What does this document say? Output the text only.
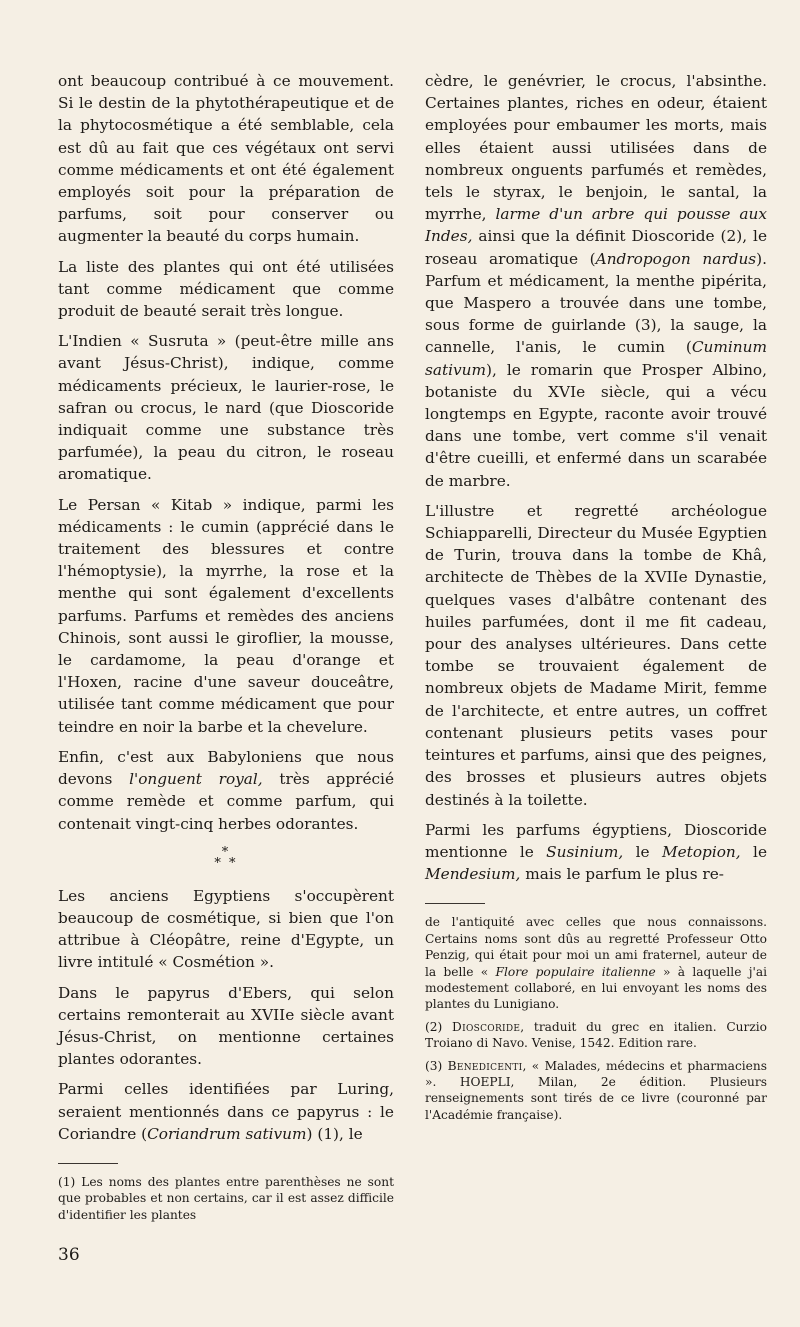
ont beaucoup contribué à ce mouvement. Si le destin de la phytothérapeutique et de la phytocosmétique a été semblable, cela est dû au fait que ces végétaux ont servi comme médicaments et ont été également employés soit pour la préparation de parfums, soit pour conserver ou augmenter la beauté du corps humain.

La liste des plantes qui ont été utilisées tant comme médicament que comme produit de beauté serait très longue.

L'Indien « Susruta » (peut-être mille ans avant Jésus-Christ), indique, comme médicaments précieux, le laurier-rose, le safran ou crocus, le nard (que Dioscoride indiquait comme une substance très parfumée), la peau du citron, le roseau aromatique.

Le Persan « Kitab » indique, parmi les médicaments : le cumin (apprécié dans le traitement des blessures et contre l'hémoptysie), la myrrhe, la rose et la menthe qui sont également d'excellents parfums. Parfums et remèdes des anciens Chinois, sont aussi le giroflier, la mousse, le cardamome, la peau d'orange et l'Hoxen, racine d'une saveur douceâtre, utilisée tant comme médicament que pour teindre en noir la barbe et la chevelure.

Enfin, c'est aux Babyloniens que nous devons l'onguent royal, très apprécié comme remède et comme parfum, qui contenait vingt-cinq herbes odorantes.

*
* *

Les anciens Egyptiens s'occupèrent beaucoup de cosmétique, si bien que l'on attribue à Cléopâtre, reine d'Egypte, un livre intitulé « Cosmétion ».

Dans le papyrus d'Ebers, qui selon certains remonterait au XVIIe siècle avant Jésus-Christ, on mentionne certaines plantes odorantes.

Parmi celles identifiées par Luring, seraient mentionnés dans ce papyrus : le Coriandre (Coriandrum sativum) (1), le

(1) Les noms des plantes entre parenthèses ne sont que probables et non certains, car il est assez difficile d'identifier les plantes

cèdre, le genévrier, le crocus, l'absinthe. Certaines plantes, riches en odeur, étaient employées pour embaumer les morts, mais elles étaient aussi utilisées dans de nombreux onguents parfumés et remèdes, tels le styrax, le benjoin, le santal, la myrrhe, larme d'un arbre qui pousse aux Indes, ainsi que la définit Dioscoride (2), le roseau aromatique (Andropogon nardus). Parfum et médicament, la menthe pipérita, que Maspero a trouvée dans une tombe, sous forme de guirlande (3), la sauge, la cannelle, l'anis, le cumin (Cuminum sativum), le romarin que Prosper Albino, botaniste du XVIe siècle, qui a vécu longtemps en Egypte, raconte avoir trouvé dans une tombe, vert comme s'il venait d'être cueilli, et enfermé dans un scarabée de marbre.

L'illustre et regretté archéologue Schiapparelli, Directeur du Musée Egyptien de Turin, trouva dans la tombe de Khâ, architecte de Thèbes de la XVIIe Dynastie, quelques vases d'albâtre contenant des huiles parfumées, dont il me fit cadeau, pour des analyses ultérieures. Dans cette tombe se trouvaient également de nombreux objets de Madame Mirit, femme de l'architecte, et entre autres, un coffret contenant plusieurs petits vases pour teintures et parfums, ainsi que des peignes, des brosses et plusieurs autres objets destinés à la toilette.

Parmi les parfums égyptiens, Dioscoride mentionne le Susinium, le Metopion, le Mendesium, mais le parfum le plus re-

de l'antiquité avec celles que nous connaissons. Certains noms sont dûs au regretté Professeur Otto Penzig, qui était pour moi un ami fraternel, auteur de la belle « Flore populaire italienne » à laquelle j'ai modestement collaboré, en lui envoyant les noms des plantes du Lunigiano.

(2) Dioscoride, traduit du grec en italien. Curzio Troiano di Navo. Venise, 1542. Edition rare.

(3) Benedicenti, « Malades, médecins et pharmaciens ». HOEPLI, Milan, 2e édition. Plusieurs renseignements sont tirés de ce livre (couronné par l'Académie française).

36
